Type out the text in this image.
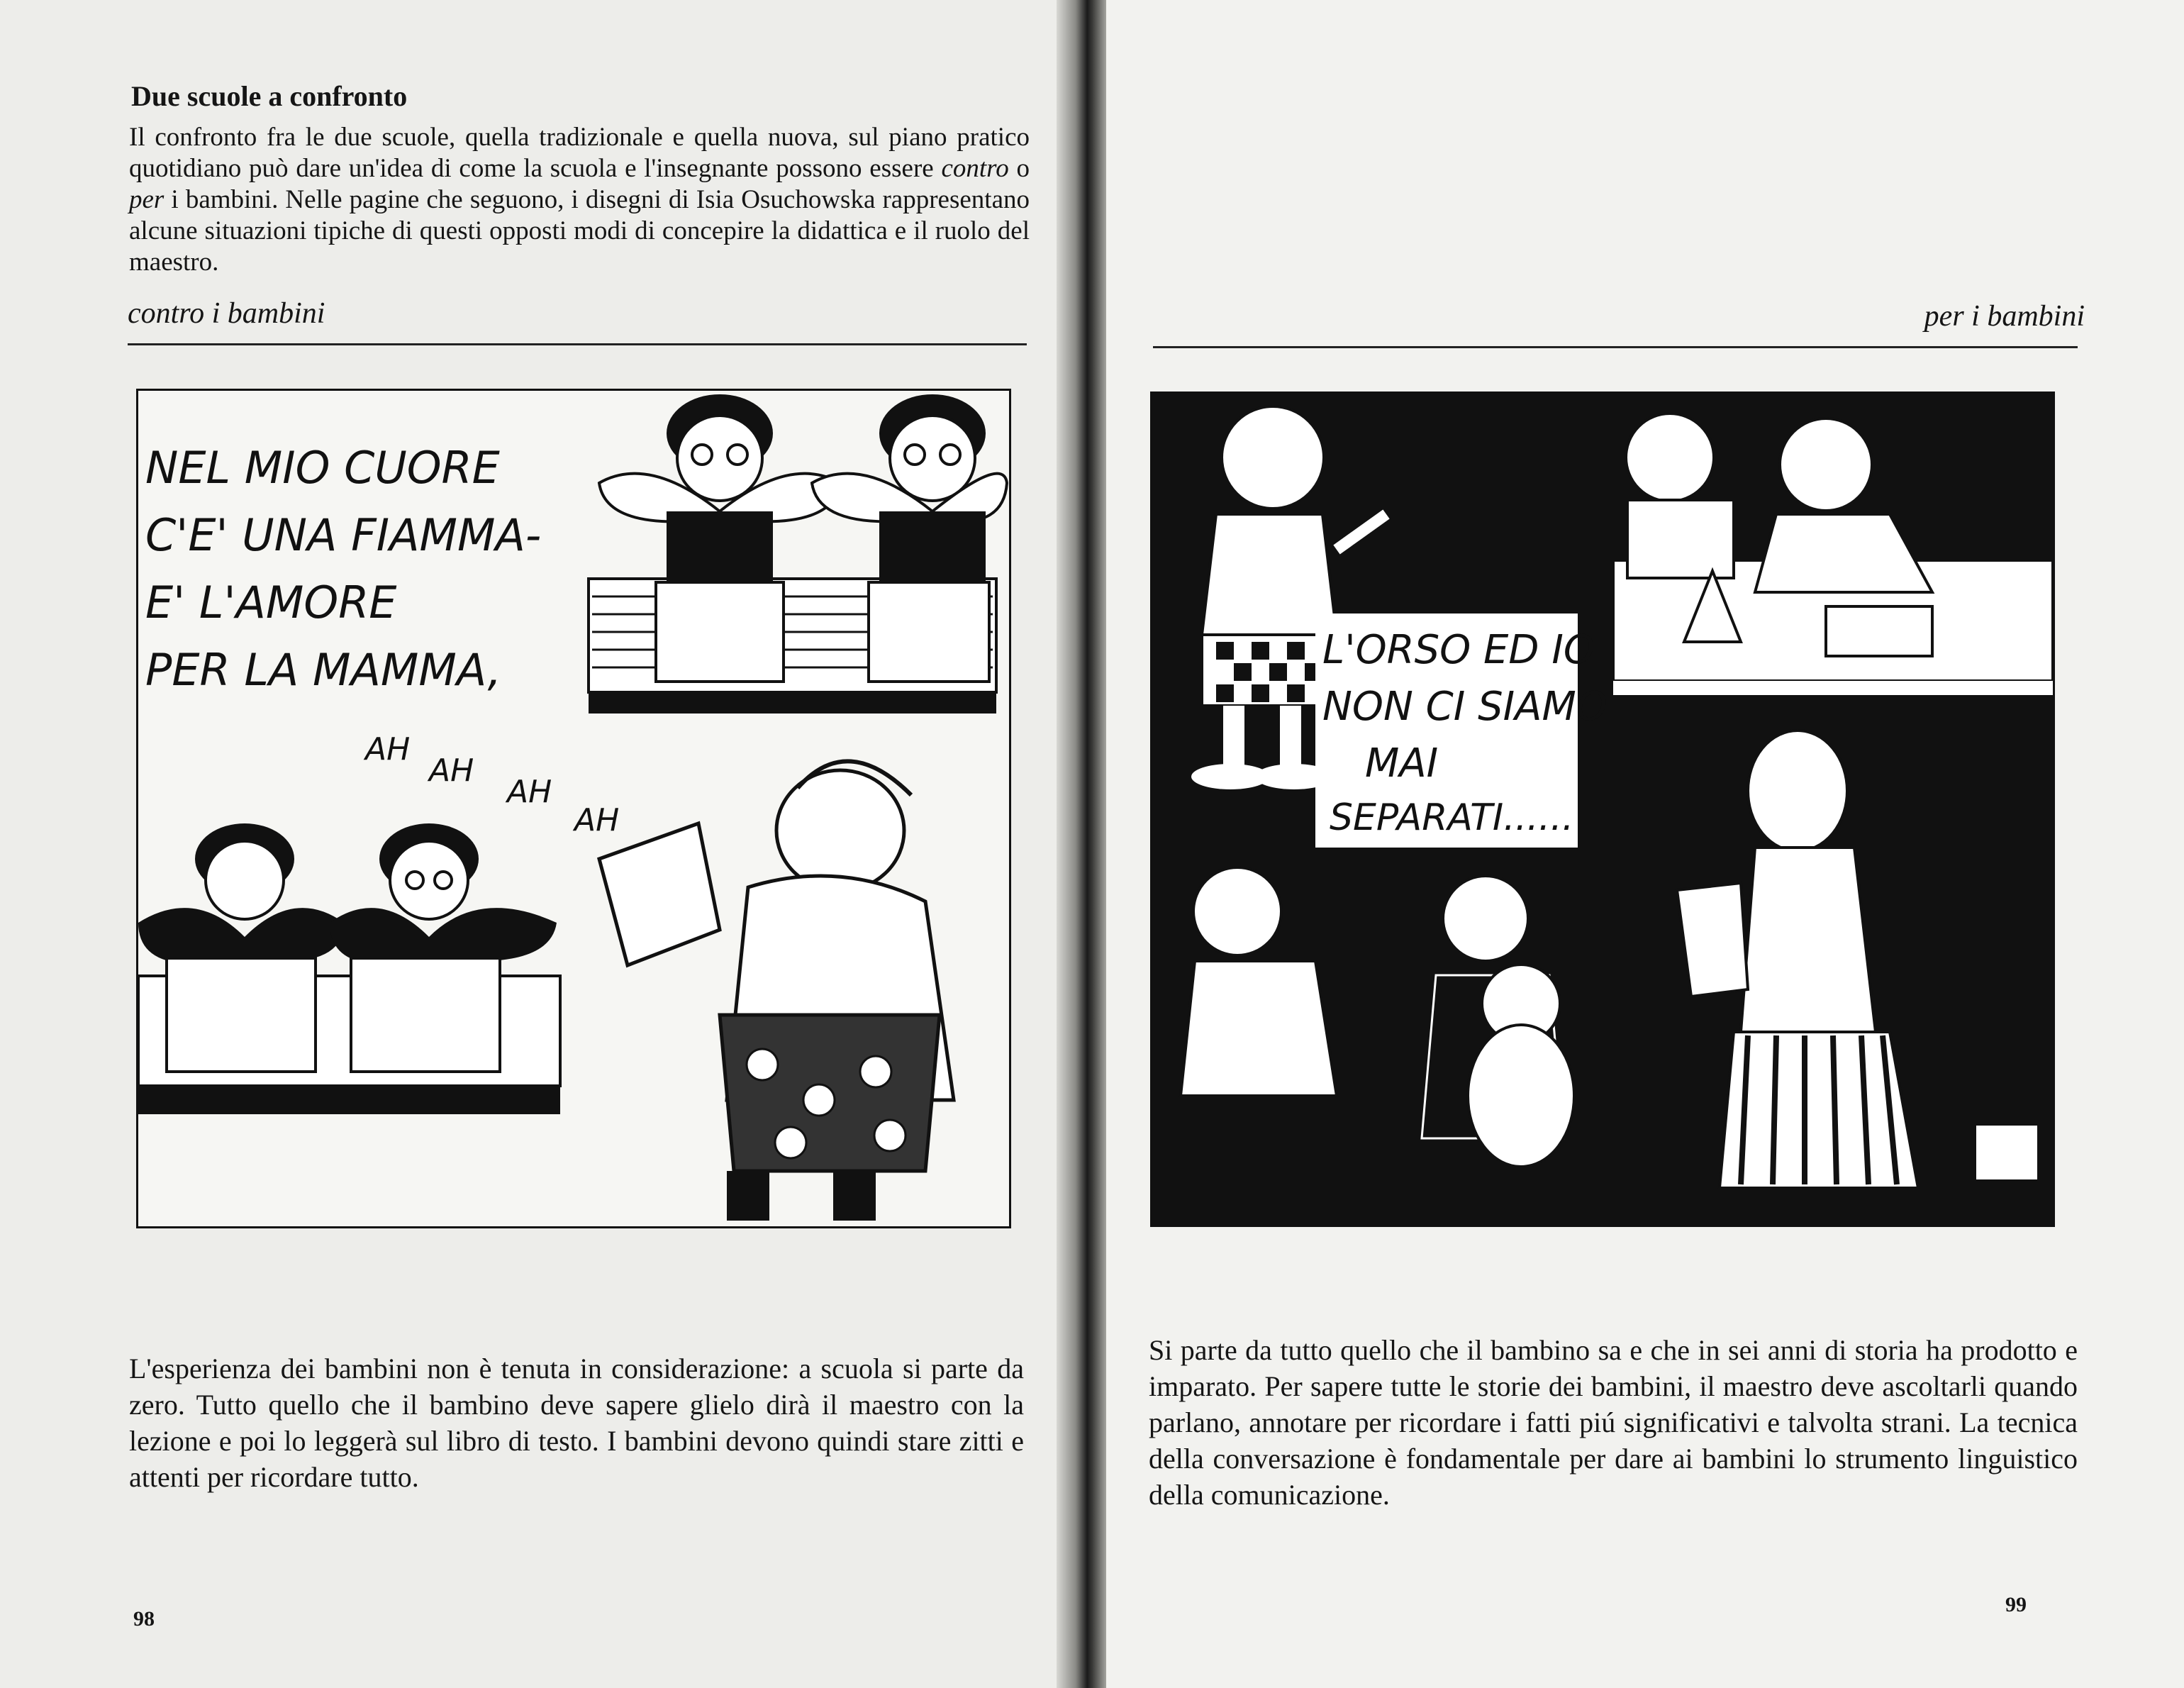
Due scuole a confronto
Il confronto fra le due scuole, quella tradizionale e quella nuova, sul piano pratico quotidiano può dare un'idea di come la scuola e l'insegnante possono essere contro o per i bambini. Nelle pagine che seguono, i disegni di Isia Osuchowska rappresentano alcune situazioni tipiche di questi opposti modi di concepire la didattica e il ruolo del maestro.
contro i bambini
NEL MIO CUORE
C'E' UNA FIAMMA-
E' L'AMORE
PER LA MAMMA,
AH
AH
AH
AH
L'esperienza dei bambini non è tenuta in considerazione: a scuola si parte da zero. Tutto quello che il bambino deve sapere glielo dirà il maestro con la lezione e poi lo leggerà sul libro di testo. I bambini devono quindi stare zitti e attenti per ricordare tutto.
98
per i bambini
L'ORSO ED IO
NON CI SIAMO
MAI
SEPARATI......
Si parte da tutto quello che il bambino sa e che in sei anni di storia ha prodotto e imparato. Per sapere tutte le storie dei bambini, il maestro deve ascoltarli quando parlano, annotare per ricordare i fatti piú significativi e talvolta strani. La tecnica della conversazione è fondamentale per dare ai bambini lo strumento linguistico della comunicazione.
99
